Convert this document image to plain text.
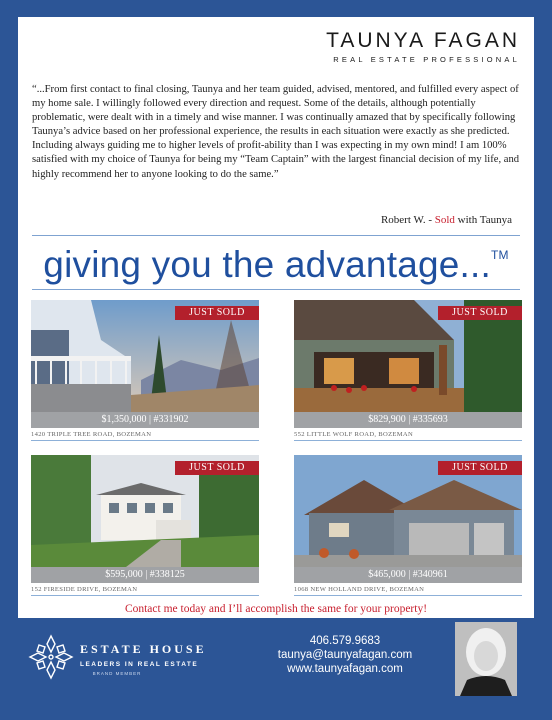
TAUNYA FAGAN
REAL ESTATE PROFESSIONAL
“...From first contact to final closing, Taunya and her team guided, advised, mentored, and fulfilled every aspect of my home sale. I willingly followed every direction and request. Some of the details, although potentially problematic, were dealt with in a timely and wise manner. I was continually amazed that by specifically following Taunya’s advice based on her professional experience, the results in each situation were exactly as she predicted. Including always guiding me to higher levels of profit-ability than I was expecting in my own mind! I am 100% satisfied with my choice of Taunya for being my “Team Captain” with the largest financial decision of my life, and highly recommend her to anyone looking to do the same.”
Robert W. - Sold with Taunya
giving you the advantage...™
JUST SOLD
$1,350,000 | #331902
1420 TRIPLE TREE ROAD, BOZEMAN
JUST SOLD
$829,900 | #335693
552 LITTLE WOLF ROAD, BOZEMAN
JUST SOLD
$595,000 | #338125
152 FIRESIDE DRIVE, BOZEMAN
JUST SOLD
$465,000 | #340961
1068 NEW HOLLAND DRIVE, BOZEMAN
Contact me today and I’ll accomplish the same for your property!
ESTATE HOUSE
LEADERS IN REAL ESTATE
BRAND MEMBER
406.579.9683
taunya@taunyafagan.com
www.taunyafagan.com
